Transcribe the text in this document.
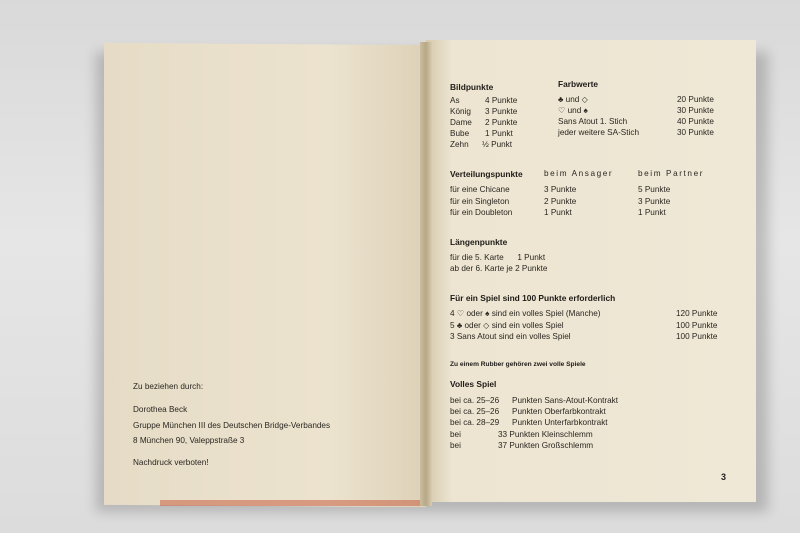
Zu beziehen durch:
Dorothea Beck
Gruppe München III des Deutschen Bridge-Verbandes
8 München 90, Valeppstraße 3
Nachdruck verboten!
Bildpunkte
As	4 Punkte
König 3 Punkte
Dame 2 Punkte
Bube 1 Punkt
Zehn ½ Punkt
Farbwerte
♣ und ◇	20 Punkte
♡ und ♠	30 Punkte
Sans Atout 1. Stich	40 Punkte
jeder weitere SA-Stich	30 Punkte
Verteilungspunkte	beim Ansager	beim Partner
für eine Chicane	3 Punkte	5 Punkte
für ein Singleton	2 Punkte	3 Punkte
für ein Doubleton	1 Punkt	1 Punkt
Längenpunkte
für die 5. Karte      1 Punkt
ab der 6. Karte je 2 Punkte
Für ein Spiel sind 100 Punkte erforderlich
4 ♡ oder ♠ sind ein volles Spiel (Manche)	120 Punkte
5 ♣ oder ◇ sind ein volles Spiel	100 Punkte
3 Sans Atout sind ein volles Spiel	100 Punkte
Zu einem Rubber gehören zwei volle Spiele
Volles Spiel
bei ca. 25–26 Punkten Sans-Atout-Kontrakt
bei ca. 25–26 Punkten Oberfarbkontrakt
bei ca. 28–29 Punkten Unterfarbkontrakt
bei	33 Punkten Kleinschlemm
bei	37 Punkten Großschlemm
3
